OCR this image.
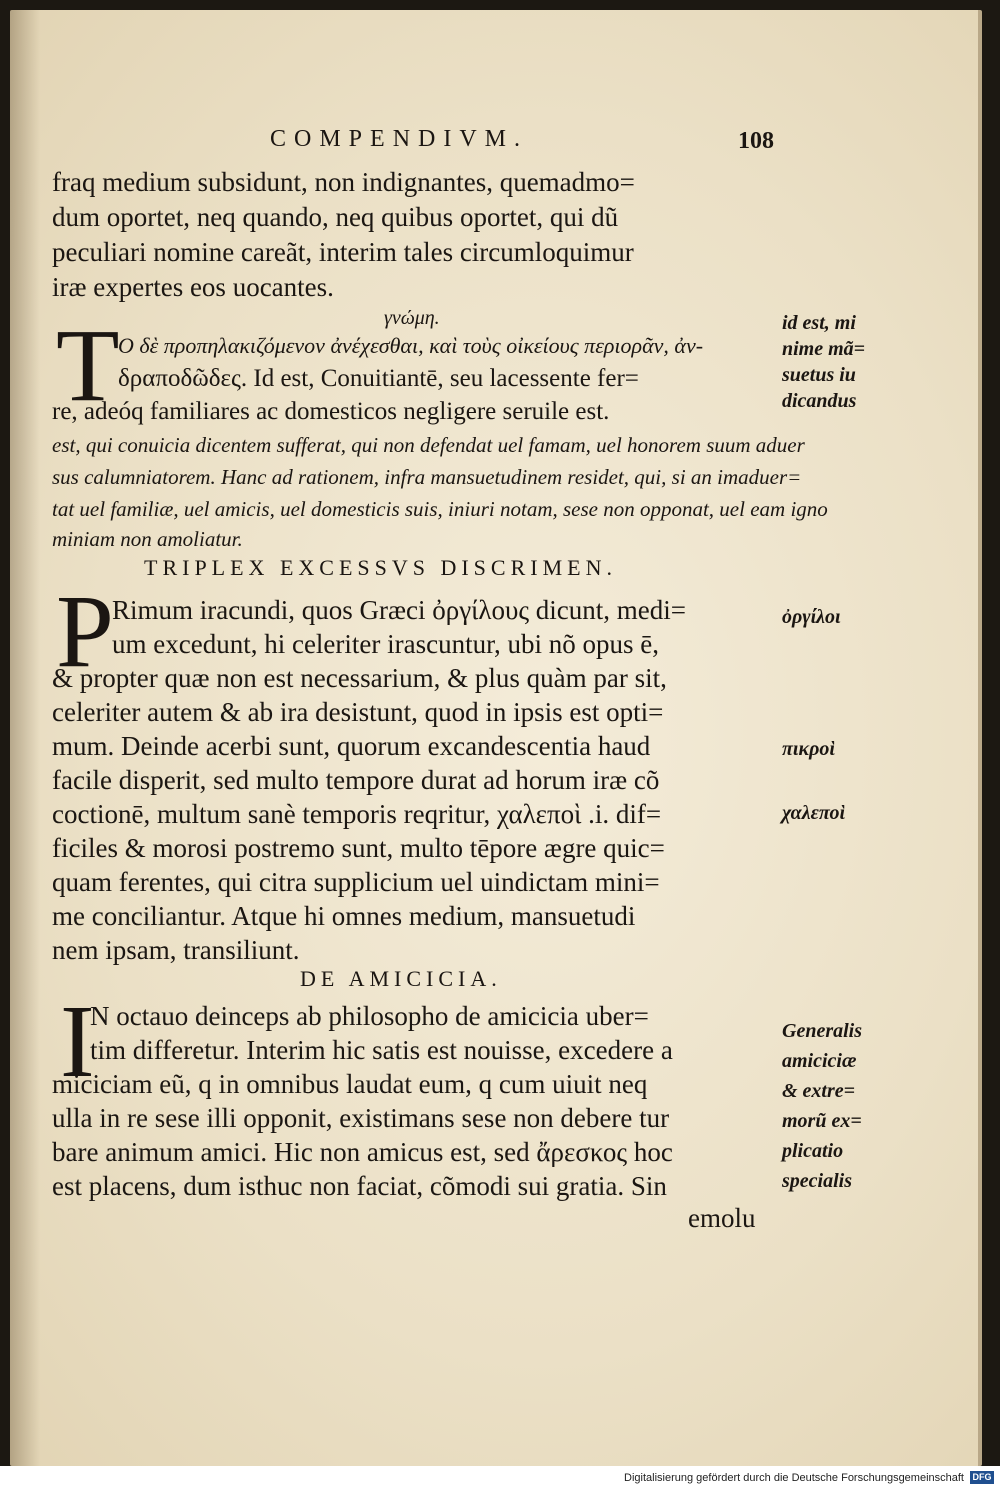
COMPENDIVM.	108
fraq medium subsidunt, non indignantes, quemadmo=
dum oportet, neq quando, neq quibus oportet, qui dũ
peculiari nomine careãt, interim tales circumloquimur
iræ expertes eos uocantes.
γνώμη.
T
O δὲ προπηλακιζόμενον ἀνέχεσθαι, καὶ τοὺς οἰκείους περιορᾶν, ἀν-
δραποδῶδες. Id est, Conuitiantē, seu lacessente fer=
re, adeóq familiares ac domesticos negligere seruile est.
est, qui conuicia dicentem sufferat, qui non defendat uel famam, uel honorem suum aduer
sus calumniatorem. Hanc ad rationem, infra mansuetudinem residet, qui, si an imaduer=
tat uel familiæ, uel amicis, uel domesticis suis, iniuri notam, sese non opponat, uel eam igno
miniam non amoliatur.
TRIPLEX EXCESSVS DISCRIMEN.
P
Rimum iracundi, quos Græci ὀργίλους dicunt, medi=
um excedunt, hi celeriter irascuntur, ubi nõ opus ē,
& propter quæ non est necessarium, & plus quàm par sit,
celeriter autem & ab ira desistunt, quod in ipsis est opti=
mum. Deinde acerbi sunt, quorum excandescentia haud
facile disperit, sed multo tempore durat ad horum iræ cõ
coctionē, multum sanè temporis reqritur, χαλεποὶ .i. dif=
ficiles & morosi postremo sunt, multo tēpore ægre quic=
quam ferentes, qui citra supplicium uel uindictam mini=
me conciliantur. Atque hi omnes medium, mansuetudi
nem ipsam, transiliunt.
DE AMICICIA.
I
N octauo deinceps ab philosopho de amicicia uber=
tim differetur. Interim hic satis est nouisse, excedere a
miciciam eũ, q in omnibus laudat eum, q cum uiuit neq
ulla in re sese illi opponit, existimans sese non debere tur
bare animum amici. Hic non amicus est, sed ἄρεσκος hoc
est placens, dum isthuc non faciat, cõmodi sui gratia. Sin
emolu
id est, mi
nime mã=
suetus iu
dicandus
ὀργίλοι
πικροὶ
χαλεποὶ
Generalis
amiciciæ
& extre=
morũ ex=
plicatio
specialis
Digitalisierung gefördert durch die Deutsche Forschungsgemeinschaft DFG
